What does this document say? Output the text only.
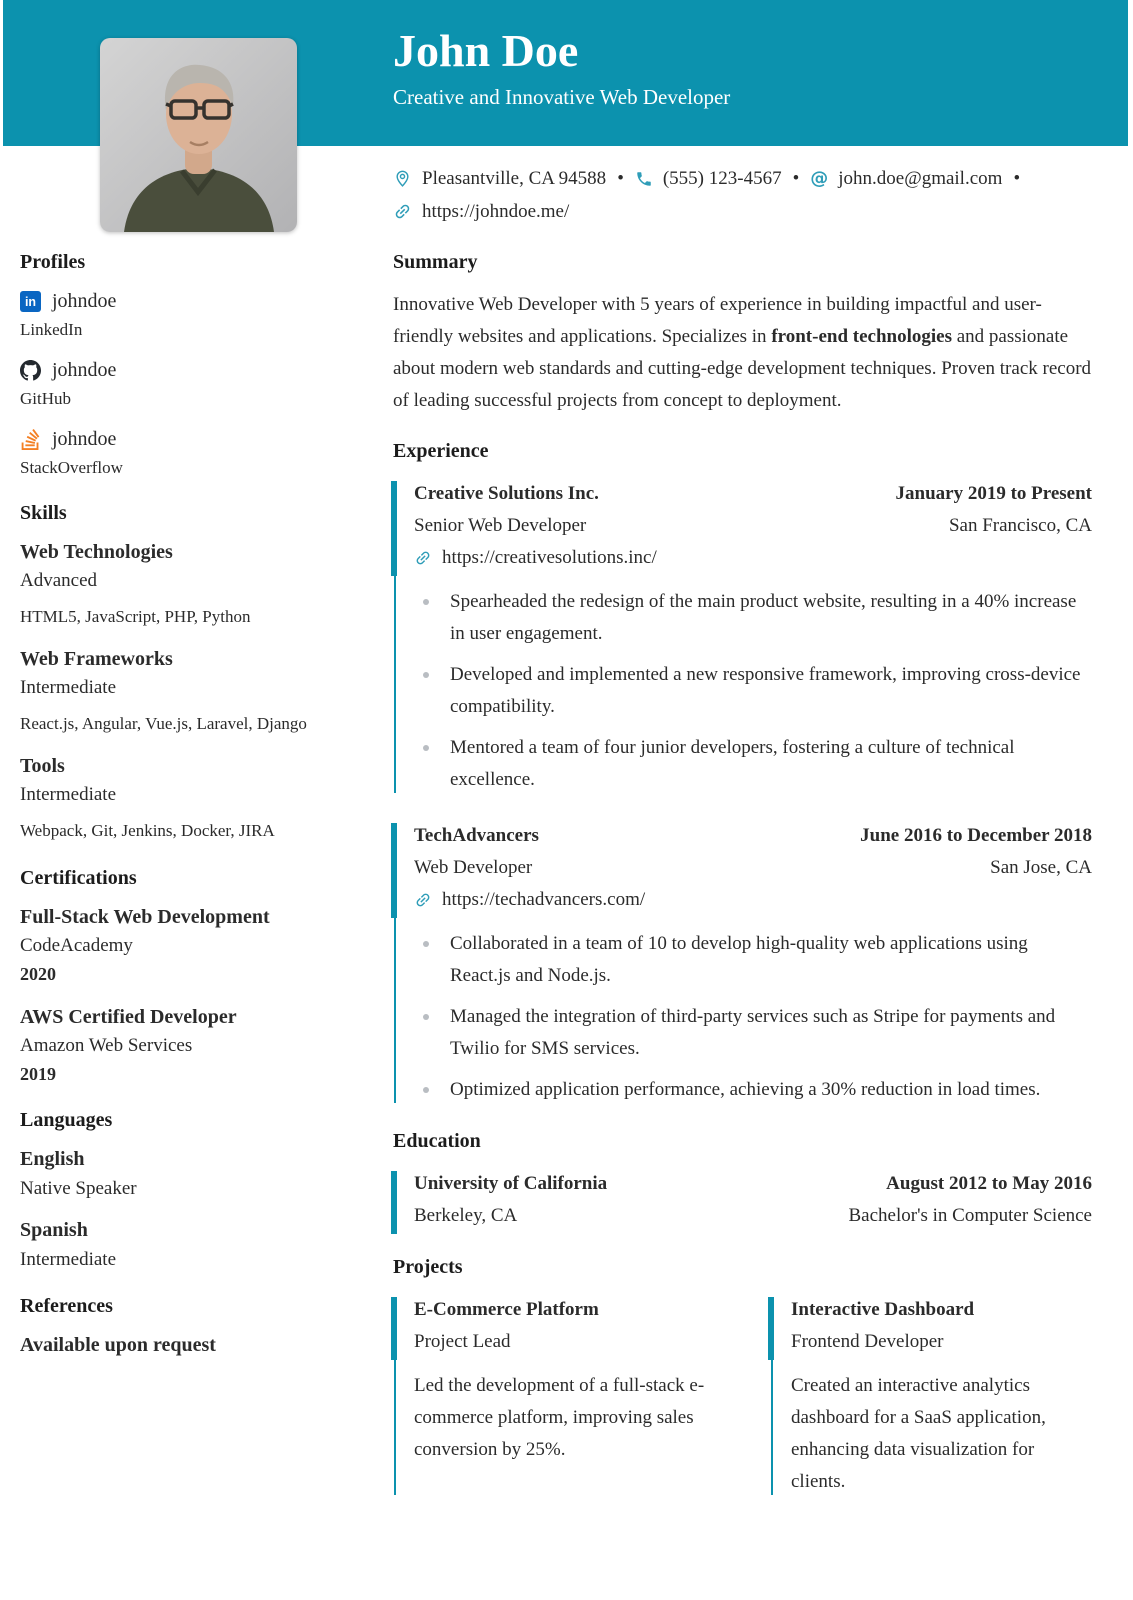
John Doe
Creative and Innovative Web Developer
Pleasantville, CA 94588 • (555) 123-4567 • @ john.doe@gmail.com •
https://johndoe.me/
Profiles
in johndoe
LinkedIn
johndoe
GitHub
johndoe
StackOverflow
Skills
Web Technologies
Advanced
HTML5, JavaScript, PHP, Python
Web Frameworks
Intermediate
React.js, Angular, Vue.js, Laravel, Django
Tools
Intermediate
Webpack, Git, Jenkins, Docker, JIRA
Certifications
Full-Stack Web Development
CodeAcademy
2020
AWS Certified Developer
Amazon Web Services
2019
Languages
English
Native Speaker
Spanish
Intermediate
References
Available upon request
Summary

Innovative Web Developer with 5 years of experience in building impactful and user-friendly websites and applications. Specializes in front-end technologies and passionate about modern web standards and cutting-edge development techniques. Proven track record of leading successful projects from concept to deployment.

Experience
Creative Solutions Inc.	January 2019 to Present
Senior Web Developer	San Francisco, CA
https://creativesolutions.inc/
Spearheaded the redesign of the main product website, resulting in a 40% increase in user engagement.
Developed and implemented a new responsive framework, improving cross-device compatibility.
Mentored a team of four junior developers, fostering a culture of technical excellence.
TechAdvancers	June 2016 to December 2018
Web Developer	San Jose, CA
https://techadvancers.com/
Collaborated in a team of 10 to develop high-quality web applications using React.js and Node.js.
Managed the integration of third-party services such as Stripe for payments and Twilio for SMS services.
Optimized application performance, achieving a 30% reduction in load times.
Education
University of California	August 2012 to May 2016
Berkeley, CA	Bachelor's in Computer Science
Projects
E-Commerce Platform
Project Lead

Led the development of a full-stack e-commerce platform, improving sales conversion by 25%.

Interactive Dashboard
Frontend Developer

Created an interactive analytics dashboard for a SaaS application, enhancing data visualization for clients.
